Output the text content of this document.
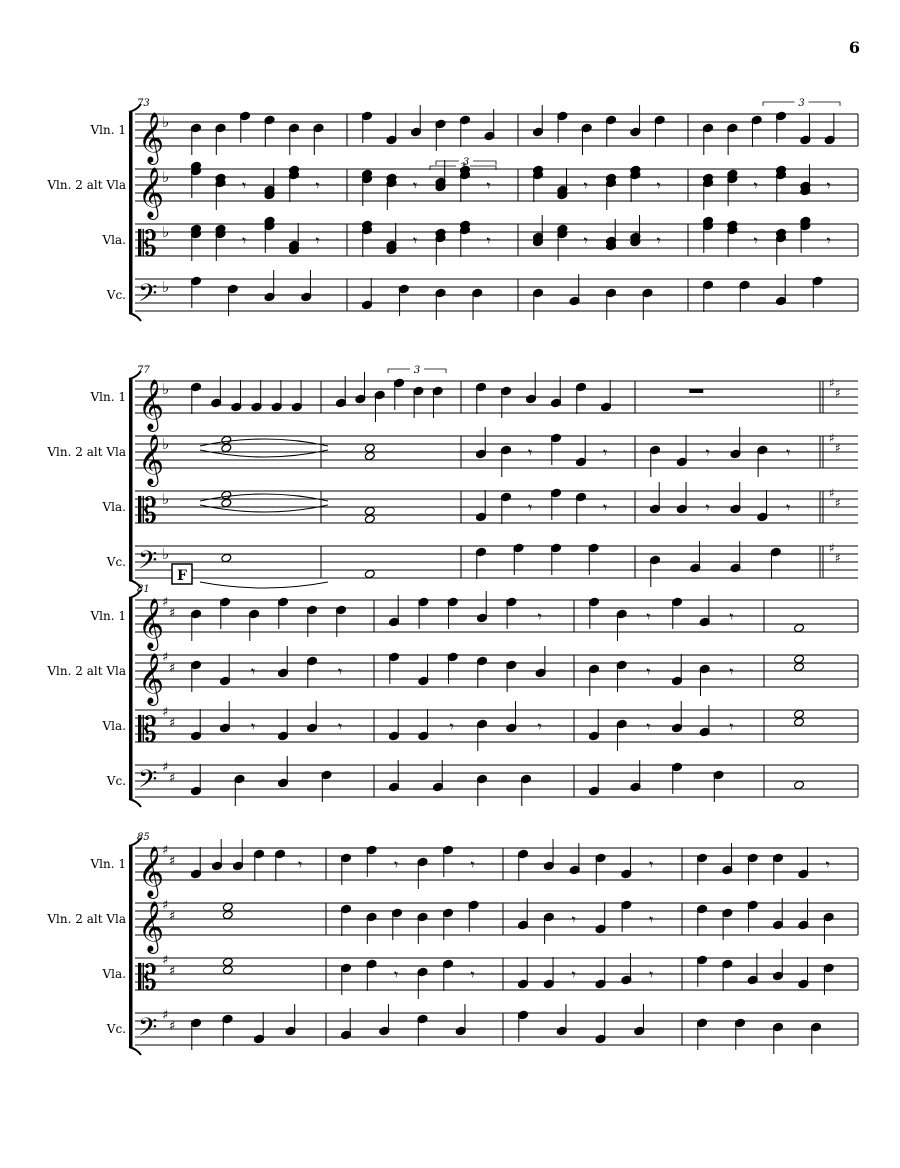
6
73
Vln. 1 𝄞
♭
Vln. 2 alt Vla 𝄞
♭	𝄾	𝄾	𝄾	𝄾	𝄾	𝄾	𝄾	𝄾
Vla. 𝄡 ♭	𝄾	𝄾	𝄾	𝄾	𝄾	𝄾	𝄾	𝄾
Vc. 𝄢 ♭
3
3
3
77
Vln. 1 𝄞
♭	♯
♯
Vln. 2 alt Vla 𝄞
♭	♯
♯
𝄾	𝄾	𝄾	𝄾
Vla. 𝄡 ♭	♯
♯
𝄾	𝄾	𝄾	𝄾
Vc. 𝄢 ♭	♯
♯
3
81
F
Vln. 1 𝄞
♯
♯	𝄾	𝄾	𝄾
Vln. 2 alt Vla 𝄞
♯
♯	𝄾	𝄾	𝄾	𝄾
Vla. 𝄡 ♯
♯	𝄾	𝄾	𝄾	𝄾	𝄾	𝄾
Vc. 𝄢 ♯
♯
85
Vln. 1 𝄞
♯
♯	𝄾	𝄾	𝄾	𝄾	𝄾
Vln. 2 alt Vla 𝄞
♯
♯	𝄾	𝄾
Vla. 𝄡 ♯
♯	𝄾	𝄾	𝄾	𝄾
Vc. 𝄢 ♯
♯
